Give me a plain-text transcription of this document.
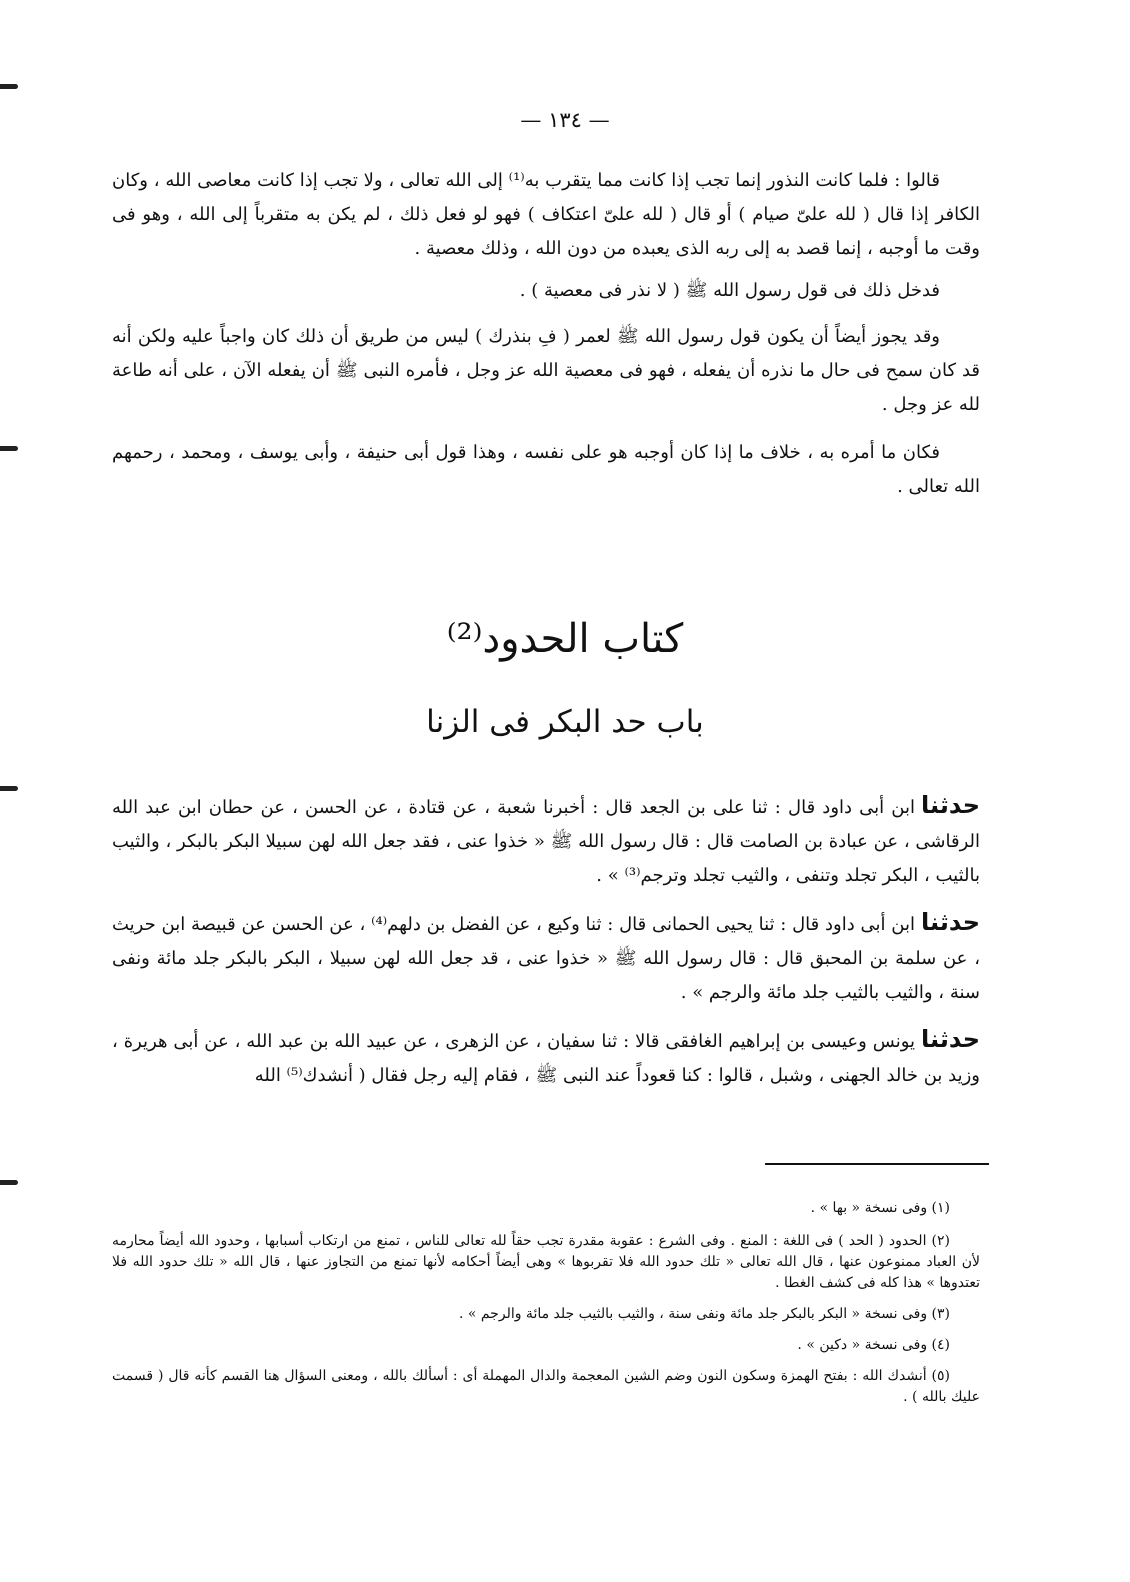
— ١٣٤ —

قالوا : فلما كانت النذور إنما تجب إذا كانت مما يتقرب به⁽¹⁾ إلى الله تعالى ، ولا تجب إذا كانت معاصى الله ، وكان الكافر إذا قال ( لله علىّ صيام ) أو قال ( لله علىّ اعتكاف ) فهو لو فعل ذلك ، لم يكن به متقرباً إلى الله ، وهو فى وقت ما أوجبه ، إنما قصد به إلى ربه الذى يعبده من دون الله ، وذلك معصية .

فدخل ذلك فى قول رسول الله ﷺ ( لا نذر فى معصية ) .

وقد يجوز أيضاً أن يكون قول رسول الله ﷺ لعمر ( فِ بنذرك ) ليس من طريق أن ذلك كان واجباً عليه ولكن أنه قد كان سمح فى حال ما نذره أن يفعله ، فهو فى معصية الله عز وجل ، فأمره النبى ﷺ أن يفعله الآن ، على أنه طاعة لله عز وجل .

فكان ما أمره به ، خلاف ما إذا كان أوجبه هو على نفسه ، وهذا قول أبى حنيفة ، وأبى يوسف ، ومحمد ، رحمهم الله تعالى .

كتاب الحدود⁽²⁾
باب حد البكر فى الزنا

حدثناابن أبى داود قال : ثنا على بن الجعد قال : أخبرنا شعبة ، عن قتادة ، عن الحسن ، عن حطان ابن عبد الله الرقاشى ، عن عبادة بن الصامت قال : قال رسول الله ﷺ « خذوا عنى ، فقد جعل الله لهن سبيلا البكر بالبكر ، والثيب بالثيب ، البكر تجلد وتنفى ، والثيب تجلد وترجم⁽³⁾ » .

حدثناابن أبى داود قال : ثنا يحيى الحمانى قال : ثنا وكيع ، عن الفضل بن دلهم⁽⁴⁾ ، عن الحسن عن قبيصة ابن حريث ، عن سلمة بن المحبق قال : قال رسول الله ﷺ « خذوا عنى ، قد جعل الله لهن سبيلا ، البكر بالبكر جلد مائة ونفى سنة ، والثيب بالثيب جلد مائة والرجم » .

حدثنايونس وعيسى بن إبراهيم الغافقى قالا : ثنا سفيان ، عن الزهرى ، عن عبيد الله بن عبد الله ، عن أبى هريرة ، وزيد بن خالد الجهنى ، وشبل ، قالوا : كنا قعوداً عند النبى ﷺ ، فقام إليه رجل فقال ( أنشدك⁽⁵⁾ الله

(١) وفى نسخة « بها » .

(٢) الحدود ( الحد ) فى اللغة : المنع . وفى الشرع : عقوبة مقدرة تجب حقاً لله تعالى للناس ، تمنع من ارتكاب أسبابها ، وحدود الله أيضاً محارمه لأن العباد ممنوعون عنها ، قال الله تعالى « تلك حدود الله فلا تقربوها » وهى أيضاً أحكامه لأنها تمنع من التجاوز عنها ، قال الله « تلك حدود الله فلا تعتدوها » هذا كله فى كشف الغطا .

(٣) وفى نسخة « البكر بالبكر جلد مائة ونفى سنة ، والثيب بالثيب جلد مائة والرجم » .

(٤) وفى نسخة « دكين » .

(٥) أنشدك الله : بفتح الهمزة وسكون النون وضم الشين المعجمة والدال المهملة أى : أسألك بالله ، ومعنى السؤال هنا القسم كأنه قال ( قسمت عليك بالله ) .
